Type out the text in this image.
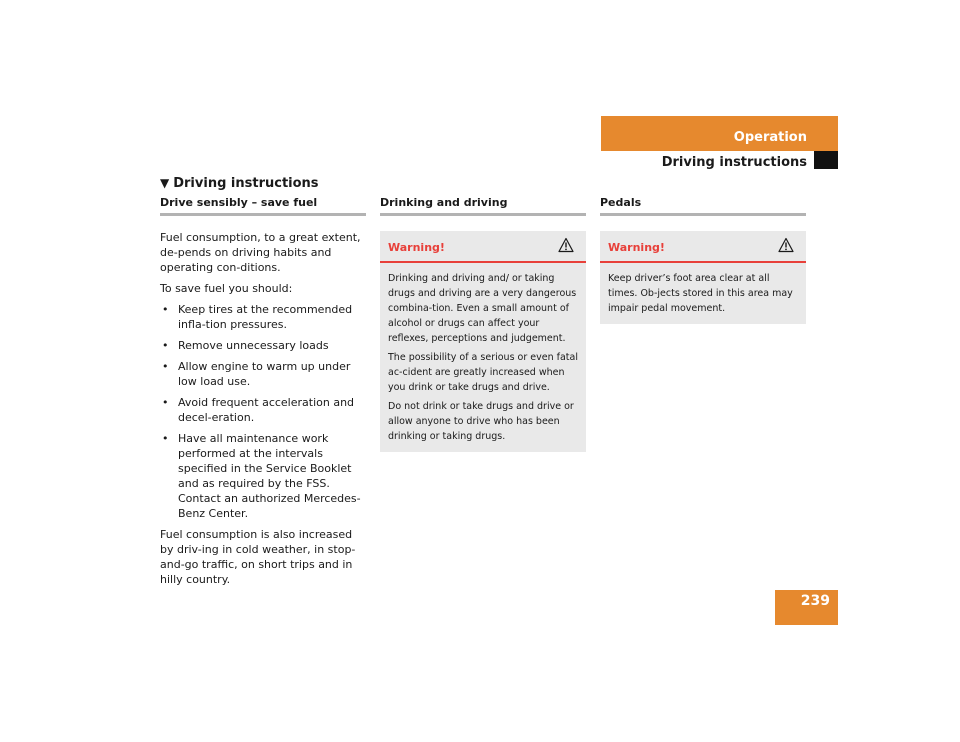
Operation
Driving instructions
▼ Driving instructions
Drive sensibly – save fuel

Fuel consumption, to a great extent, de-pends on driving habits and operating con-ditions.

To save fuel you should:

• Keep tires at the recommended infla-tion pressures.
• Remove unnecessary loads
• Allow engine to warm up under low load use.
• Avoid frequent acceleration and decel-eration.
• Have all maintenance work performed at the intervals specified in the Service Booklet and as required by the FSS. Contact an authorized Mercedes-Benz Center.

Fuel consumption is also increased by driv-ing in cold weather, in stop-and-go traffic, on short trips and in hilly country.

Drinking and driving
Warning!

Drinking and driving and/ or taking drugs and driving are a very dangerous combina-tion. Even a small amount of alcohol or drugs can affect your reflexes, perceptions and judgement.

The possibility of a serious or even fatal ac-cident are greatly increased when you drink or take drugs and drive.

Do not drink or take drugs and drive or allow anyone to drive who has been drinking or taking drugs.

Pedals
Warning!

Keep driver’s foot area clear at all times. Ob-jects stored in this area may impair pedal movement.

239
